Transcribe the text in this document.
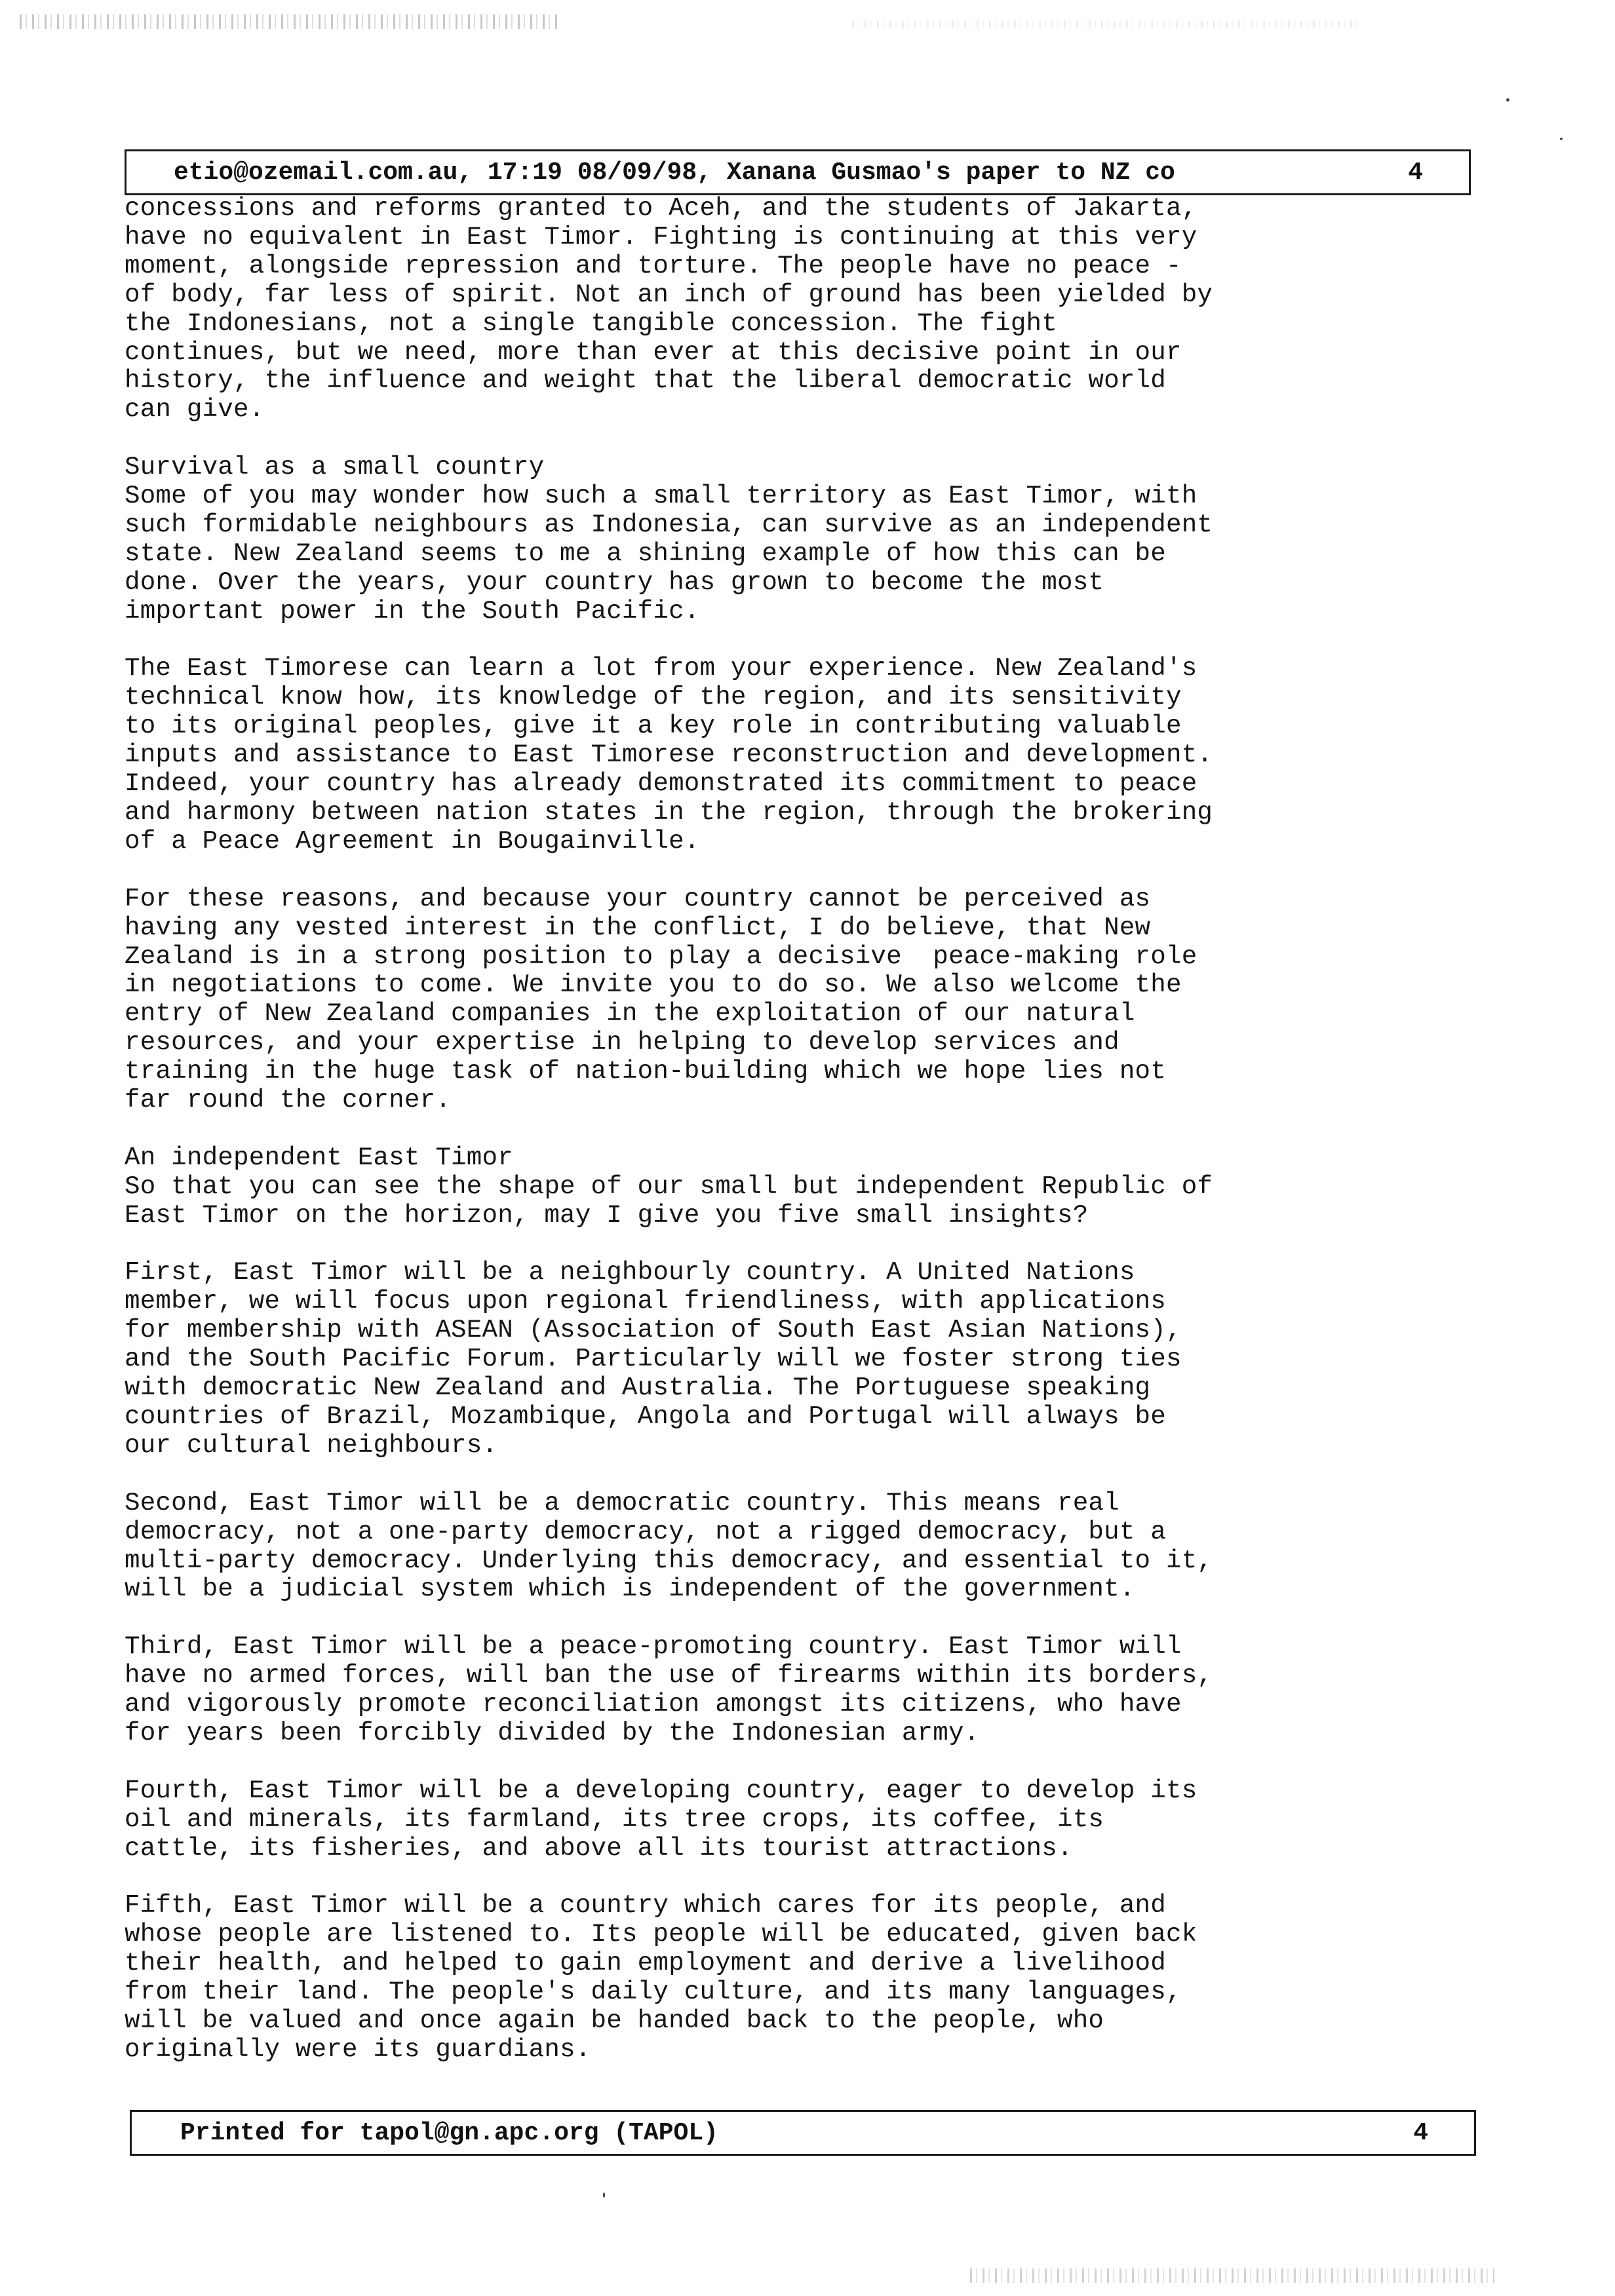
etio@ozemail.com.au, 17:19 08/09/98, Xanana Gusmao's paper to NZ co	4
concessions and reforms granted to Aceh, and the students of Jakarta,
have no equivalent in East Timor. Fighting is continuing at this very
moment, alongside repression and torture. The people have no peace -
of body, far less of spirit. Not an inch of ground has been yielded by
the Indonesians, not a single tangible concession. The fight
continues, but we need, more than ever at this decisive point in our
history, the influence and weight that the liberal democratic world
can give.
Survival as a small country
Some of you may wonder how such a small territory as East Timor, with
such formidable neighbours as Indonesia, can survive as an independent
state. New Zealand seems to me a shining example of how this can be
done. Over the years, your country has grown to become the most
important power in the South Pacific.
The East Timorese can learn a lot from your experience. New Zealand's
technical know how, its knowledge of the region, and its sensitivity
to its original peoples, give it a key role in contributing valuable
inputs and assistance to East Timorese reconstruction and development.
Indeed, your country has already demonstrated its commitment to peace
and harmony between nation states in the region, through the brokering
of a Peace Agreement in Bougainville.
For these reasons, and because your country cannot be perceived as
having any vested interest in the conflict, I do believe, that New
Zealand is in a strong position to play a decisive  peace-making role
in negotiations to come. We invite you to do so. We also welcome the
entry of New Zealand companies in the exploitation of our natural
resources, and your expertise in helping to develop services and
training in the huge task of nation-building which we hope lies not
far round the corner.
An independent East Timor
So that you can see the shape of our small but independent Republic of
East Timor on the horizon, may I give you five small insights?
First, East Timor will be a neighbourly country. A United Nations
member, we will focus upon regional friendliness, with applications
for membership with ASEAN (Association of South East Asian Nations),
and the South Pacific Forum. Particularly will we foster strong ties
with democratic New Zealand and Australia. The Portuguese speaking
countries of Brazil, Mozambique, Angola and Portugal will always be
our cultural neighbours.
Second, East Timor will be a democratic country. This means real
democracy, not a one-party democracy, not a rigged democracy, but a
multi-party democracy. Underlying this democracy, and essential to it,
will be a judicial system which is independent of the government.
Third, East Timor will be a peace-promoting country. East Timor will
have no armed forces, will ban the use of firearms within its borders,
and vigorously promote reconciliation amongst its citizens, who have
for years been forcibly divided by the Indonesian army.
Fourth, East Timor will be a developing country, eager to develop its
oil and minerals, its farmland, its tree crops, its coffee, its
cattle, its fisheries, and above all its tourist attractions.
Fifth, East Timor will be a country which cares for its people, and
whose people are listened to. Its people will be educated, given back
their health, and helped to gain employment and derive a livelihood
from their land. The people's daily culture, and its many languages,
will be valued and once again be handed back to the people, who
originally were its guardians.
Printed for tapol@gn.apc.org (TAPOL)	4
